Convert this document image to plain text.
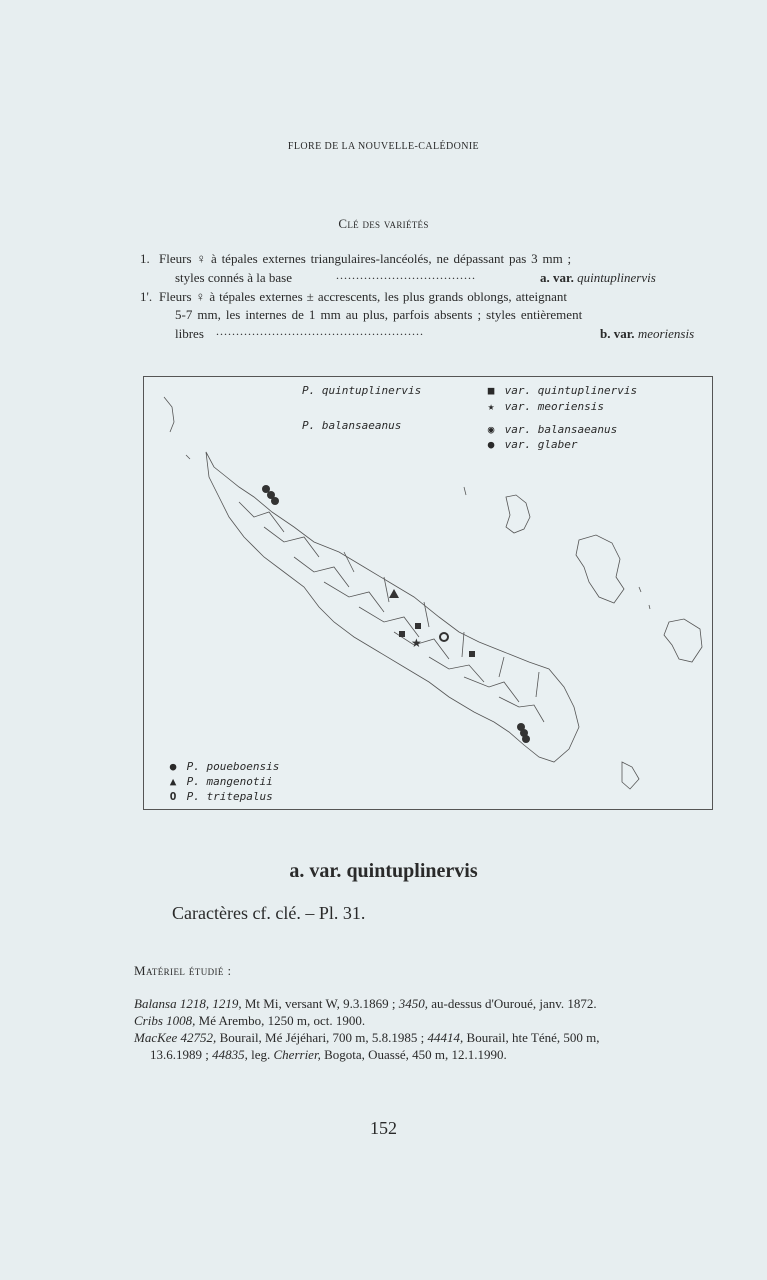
FLORE DE LA NOUVELLE-CALÉDONIE
Clé des variétés
1. Fleurs ♀ à tépales externes triangulaires-lancéolés, ne dépassant pas 3 mm ;
styles connés à la base	...................................	a. var. quintuplinervis
1'. Fleurs ♀ à tépales externes ± accrescents, les plus grands oblongs, atteignant
5-7 mm, les internes de 1 mm au plus, parfois absents ; styles entièrement
libres ....................................................	b. var. meoriensis
★
P. quintuplinervis	■ var. quintuplinervis
★ var. meoriensis
P. balansaeanus	◉ var. balansaeanus
● var. glaber
● P. poueboensis
▲ P. mangenotii
O P. tritepalus
a. var. quintuplinervis
Caractères cf. clé. – Pl. 31.
Matériel étudié :
Balansa 1218, 1219, Mt Mi, versant W, 9.3.1869 ; 3450, au-dessus d'Ouroué, janv. 1872.
Cribs 1008, Mé Arembo, 1250 m, oct. 1900.
MacKee 42752, Bourail, Mé Jéjéhari, 700 m, 5.8.1985 ; 44414, Bourail, hte Téné, 500 m,
13.6.1989 ; 44835, leg. Cherrier, Bogota, Ouassé, 450 m, 12.1.1990.
152
